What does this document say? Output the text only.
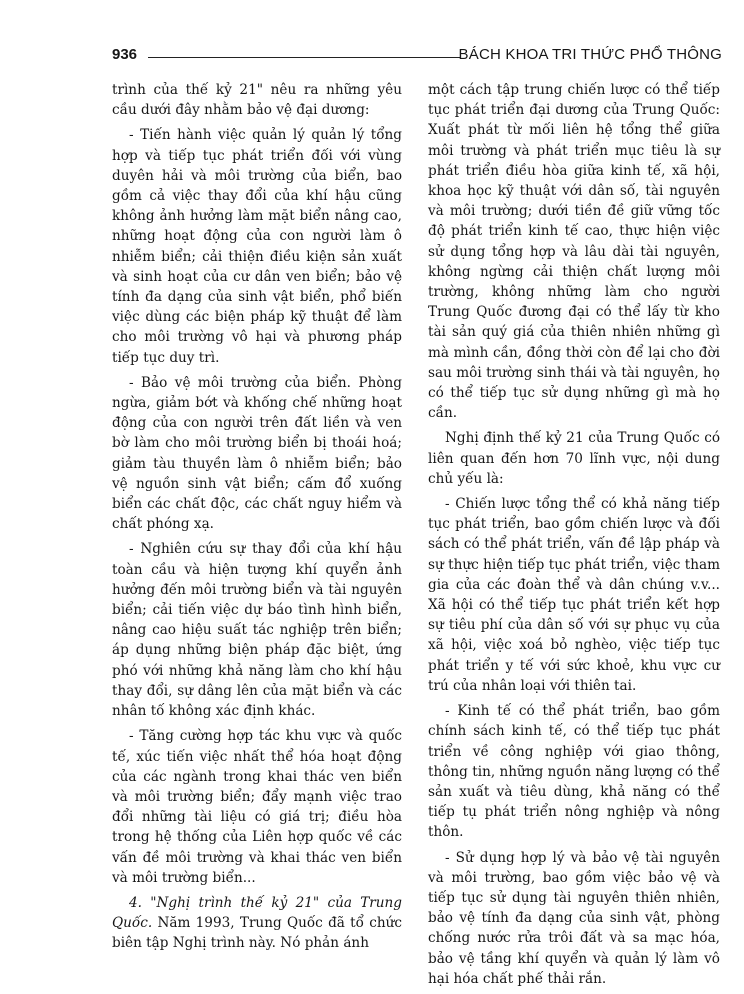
936	BÁCH KHOA TRI THỨC PHỔ THÔNG

trình của thế kỷ 21" nêu ra những yêu cầu dưới đây nhằm bảo vệ đại dương:

- Tiến hành việc quản lý quản lý tổng hợp và tiếp tục phát triển đối với vùng duyên hải và môi trường của biển, bao gồm cả việc thay đổi của khí hậu cũng không ảnh hưởng làm mặt biển nâng cao, những hoạt động của con người làm ô nhiễm biển; cải thiện điều kiện sản xuất và sinh hoạt của cư dân ven biển; bảo vệ tính đa dạng của sinh vật biển, phổ biến việc dùng các biện pháp kỹ thuật để làm cho môi trường vô hại và phương pháp tiếp tục duy trì.

- Bảo vệ môi trường của biển. Phòng ngừa, giảm bớt và khống chế những hoạt động của con người trên đất liền và ven bờ làm cho môi trường biển bị thoái hoá; giảm tàu thuyền làm ô nhiễm biển; bảo vệ nguồn sinh vật biển; cấm đổ xuống biển các chất độc, các chất nguy hiểm và chất phóng xạ.

- Nghiên cứu sự thay đổi của khí hậu toàn cầu và hiện tượng khí quyển ảnh hưởng đến môi trường biển và tài nguyên biển; cải tiến việc dự báo tình hình biển, nâng cao hiệu suất tác nghiệp trên biển; áp dụng những biện pháp đặc biệt, ứng phó với những khả năng làm cho khí hậu thay đổi, sự dâng lên của mặt biển và các nhân tố không xác định khác.

- Tăng cường hợp tác khu vực và quốc tế, xúc tiến việc nhất thể hóa hoạt động của các ngành trong khai thác ven biển và môi trường biển; đẩy mạnh việc trao đổi những tài liệu có giá trị; điều hòa trong hệ thống của Liên hợp quốc về các vấn đề môi trường và khai thác ven biển và môi trường biển...

4. "Nghị trình thế kỷ 21" của Trung Quốc. Năm 1993, Trung Quốc đã tổ chức biên tập Nghị trình này. Nó phản ánh

một cách tập trung chiến lược có thể tiếp tục phát triển đại dương của Trung Quốc: Xuất phát từ mối liên hệ tổng thể giữa môi trường và phát triển mục tiêu là sự phát triển điều hòa giữa kinh tế, xã hội, khoa học kỹ thuật với dân số, tài nguyên và môi trường; dưới tiền đề giữ vững tốc độ phát triển kinh tế cao, thực hiện việc sử dụng tổng hợp và lâu dài tài nguyên, không ngừng cải thiện chất lượng môi trường, không những làm cho người Trung Quốc đương đại có thể lấy từ kho tài sản quý giá của thiên nhiên những gì mà mình cần, đồng thời còn để lại cho đời sau môi trường sinh thái và tài nguyên, họ có thể tiếp tục sử dụng những gì mà họ cần.

Nghị định thế kỷ 21 của Trung Quốc có liên quan đến hơn 70 lĩnh vực, nội dung chủ yếu là:

- Chiến lược tổng thể có khả năng tiếp tục phát triển, bao gồm chiến lược và đối sách có thể phát triển, vấn đề lập pháp và sự thực hiện tiếp tục phát triển, việc tham gia của các đoàn thể và dân chúng v.v... Xã hội có thể tiếp tục phát triển kết hợp sự tiêu phí của dân số với sự phục vụ của xã hội, việc xoá bỏ nghèo, việc tiếp tục phát triển y tế với sức khoẻ, khu vực cư trú của nhân loại với thiên tai.

- Kinh tế có thể phát triển, bao gồm chính sách kinh tế, có thể tiếp tục phát triển về công nghiệp với giao thông, thông tin, những nguồn năng lượng có thể sản xuất và tiêu dùng, khả năng có thể tiếp tụ phát triển nông nghiệp và nông thôn.

- Sử dụng hợp lý và bảo vệ tài nguyên và môi trường, bao gồm việc bảo vệ và tiếp tục sử dụng tài nguyên thiên nhiên, bảo vệ tính đa dạng của sinh vật, phòng chống nước rửa trôi đất và sa mạc hóa, bảo vệ tầng khí quyển và quản lý làm vô hại hóa chất phế thải rắn.
